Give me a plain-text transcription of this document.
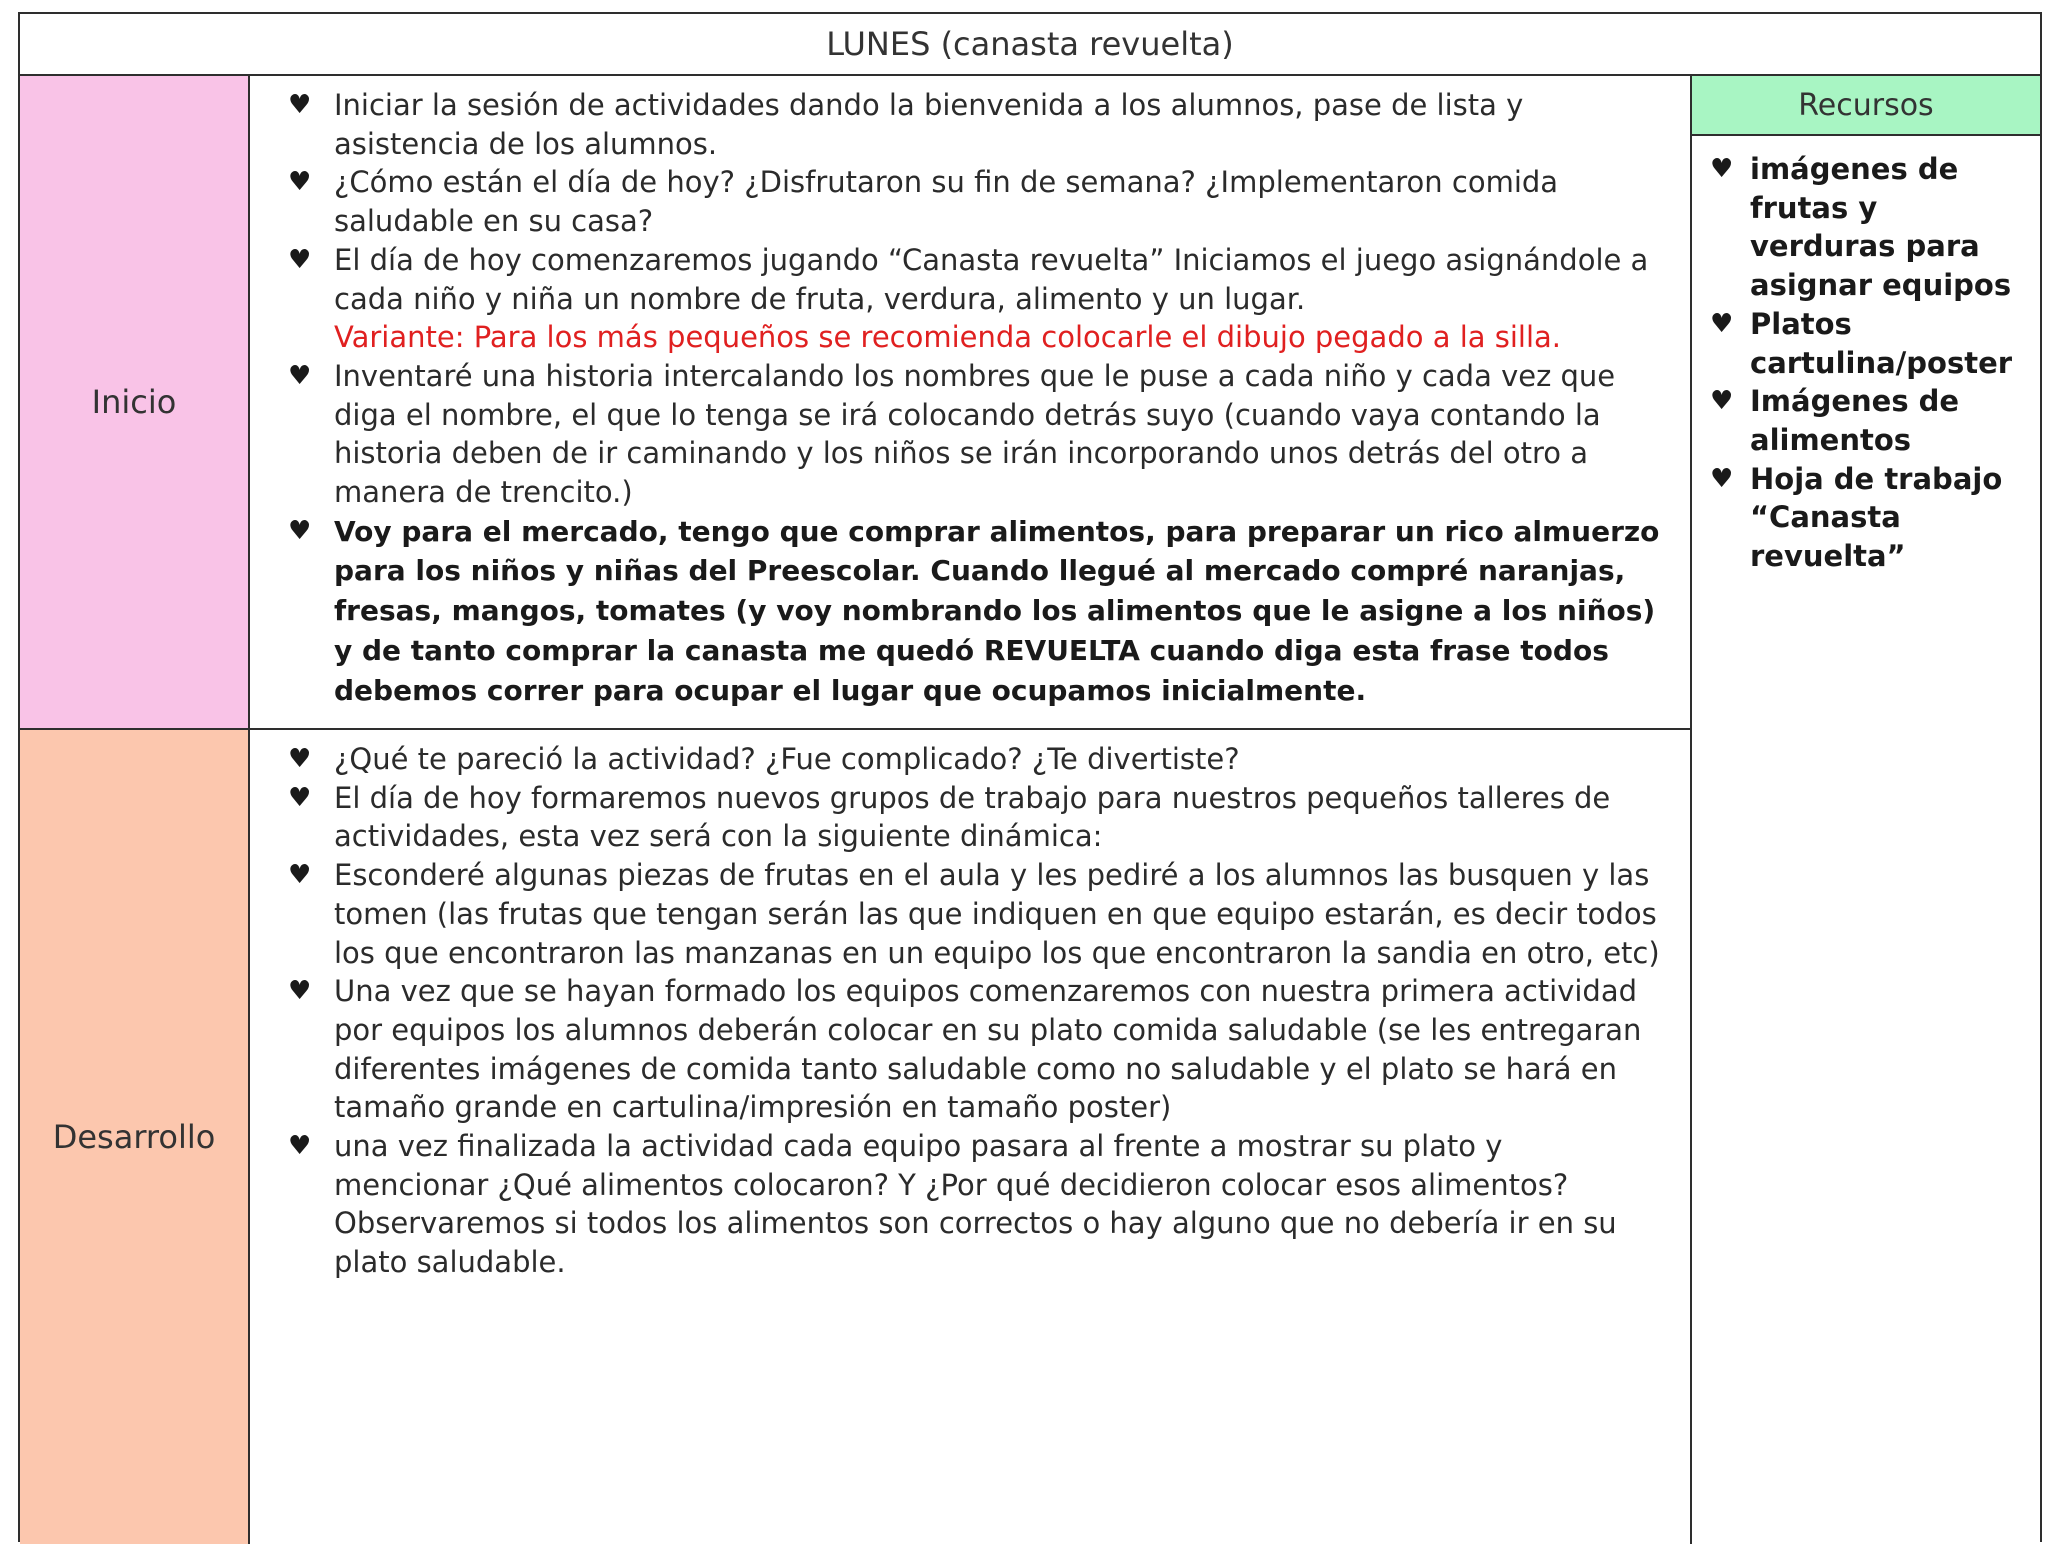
LUNES (canasta revuelta)
Inicio
♥ Iniciar la sesión de actividades dando la bienvenida a los alumnos, pase de lista y asistencia de los alumnos.
♥ ¿Cómo están el día de hoy? ¿Disfrutaron su fin de semana? ¿Implementaron comida saludable en su casa?
♥ El día de hoy comenzaremos jugando “Canasta revuelta” Iniciamos el juego asignándole a cada niño y niña un nombre de fruta, verdura, alimento y un lugar.
Variante: Para los más pequeños se recomienda colocarle el dibujo pegado a la silla.
♥ Inventaré una historia intercalando los nombres que le puse a cada niño y cada vez que diga el nombre, el que lo tenga se irá colocando detrás suyo (cuando vaya contando la historia deben de ir caminando y los niños se irán incorporando unos detrás del otro a manera de trencito.)
♥ Voy para el mercado, tengo que comprar alimentos, para preparar un rico almuerzo para los niños y niñas del Preescolar. Cuando llegué al mercado compré naranjas, fresas, mangos, tomates (y voy nombrando los alimentos que le asigne a los niños) y de tanto comprar la canasta me quedó REVUELTA cuando diga esta frase todos debemos correr para ocupar el lugar que ocupamos inicialmente.
Desarrollo
♥ ¿Qué te pareció la actividad? ¿Fue complicado? ¿Te divertiste?
♥ El día de hoy formaremos nuevos grupos de trabajo para nuestros pequeños talleres de actividades, esta vez será con la siguiente dinámica:
♥ Esconderé algunas piezas de frutas en el aula y les pediré a los alumnos las busquen y las tomen (las frutas que tengan serán las que indiquen en que equipo estarán, es decir todos los que encontraron las manzanas en un equipo los que encontraron la sandia en otro, etc)
♥ Una vez que se hayan formado los equipos comenzaremos con nuestra primera actividad por equipos los alumnos deberán colocar en su plato comida saludable (se les entregaran diferentes imágenes de comida tanto saludable como no saludable y el plato se hará en tamaño grande en cartulina/impresión en tamaño poster)
♥ una vez finalizada la actividad cada equipo pasara al frente a mostrar su plato y mencionar ¿Qué alimentos colocaron? Y ¿Por qué decidieron colocar esos alimentos? Observaremos si todos los alimentos son correctos o hay alguno que no debería ir en su plato saludable.
Recursos
♥ imágenes de frutas y verduras para asignar equipos
♥ Platos cartulina/poster
♥ Imágenes de alimentos
♥ Hoja de trabajo “Canasta revuelta”
